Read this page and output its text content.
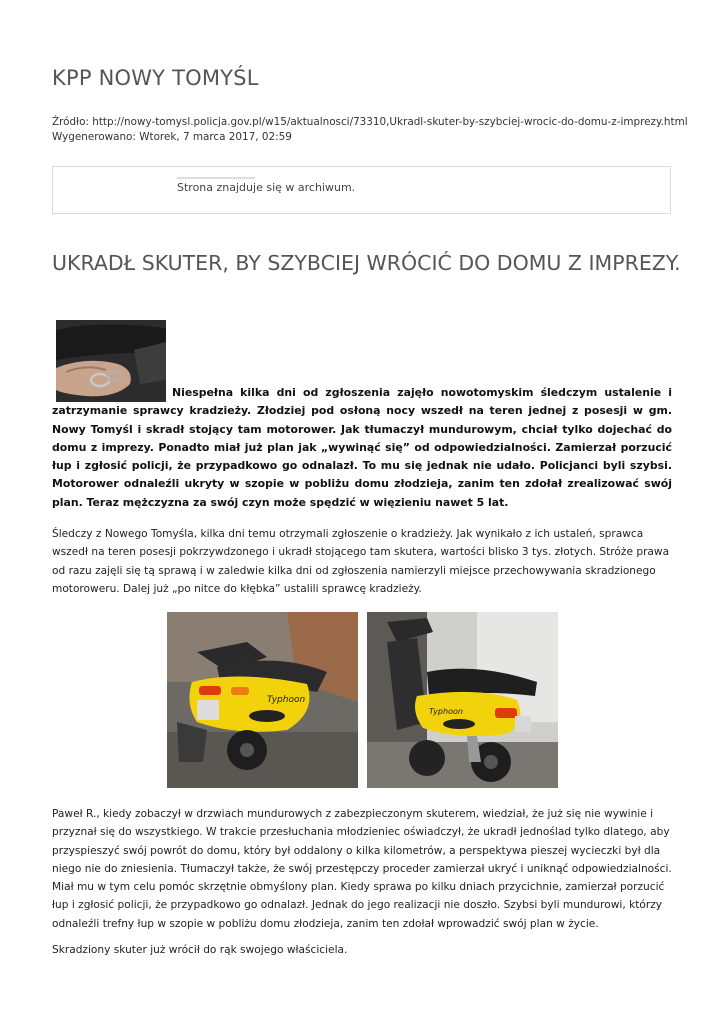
KPP NOWY TOMYŚL
Źródło: http://nowy-tomysl.policja.gov.pl/w15/aktualnosci/73310,Ukradl-skuter-by-szybciej-wrocic-do-domu-z-imprezy.html
Wygenerowano: Wtorek, 7 marca 2017, 02:59
Strona znajduje się w archiwum.
UKRADŁ SKUTER, BY SZYBCIEJ WRÓCIĆ DO DOMU Z IMPREZY.
Niespełna kilka dni od zgłoszenia zajęło nowotomyskim śledczym ustalenie i zatrzymanie sprawcy kradzieży. Złodziej pod osłoną nocy wszedł na teren jednej z posesji w gm. Nowy Tomyśl i skradł stojący tam motorower. Jak tłumaczył mundurowym, chciał tylko dojechać do domu z imprezy. Ponadto miał już plan jak „wywinąć się” od odpowiedzialności. Zamierzał porzucić łup i zgłosić policji, że przypadkowo go odnalazł. To mu się jednak nie udało. Policjanci byli szybsi. Motorower odnaleźli ukryty w szopie w pobliżu domu złodzieja, zanim ten zdołał zrealizować swój plan. Teraz mężczyzna za swój czyn może spędzić w więzieniu nawet 5 lat.
Śledczy z Nowego Tomyśla, kilka dni temu otrzymali zgłoszenie o kradzieży. Jak wynikało z ich ustaleń, sprawca wszedł na teren posesji pokrzywdzonego i ukradł stojącego tam skutera, wartości blisko 3 tys. złotych. Stróże prawa od razu zajęli się tą sprawą i w zaledwie kilka dni od zgłoszenia namierzyli miejsce przechowywania skradzionego motoroweru. Dalej już „po nitce do kłębka” ustalili sprawcę kradzieży.
Typhoon
Typhoon
Paweł R., kiedy zobaczył w drzwiach mundurowych z zabezpieczonym skuterem, wiedział, że już się nie wywinie i przyznał się do wszystkiego. W trakcie przesłuchania młodzieniec oświadczył, że ukradł jednoślad tylko dlatego, aby przyspieszyć swój powrót do domu, który był oddalony o kilka kilometrów, a perspektywa pieszej wycieczki był dla niego nie do zniesienia. Tłumaczył także, że swój przestępczy proceder zamierzał ukryć i uniknąć odpowiedzialności. Miał mu w tym celu pomóc skrzętnie obmyślony plan. Kiedy sprawa po kilku dniach przycichnie, zamierzał porzucić łup i zgłosić policji, że przypadkowo go odnalazł. Jednak do jego realizacji nie doszło. Szybsi byli mundurowi, którzy odnaleźli trefny łup w szopie w pobliżu domu złodzieja, zanim ten zdołał wprowadzić swój plan w życie.
Skradziony skuter już wrócił do rąk swojego właściciela.
